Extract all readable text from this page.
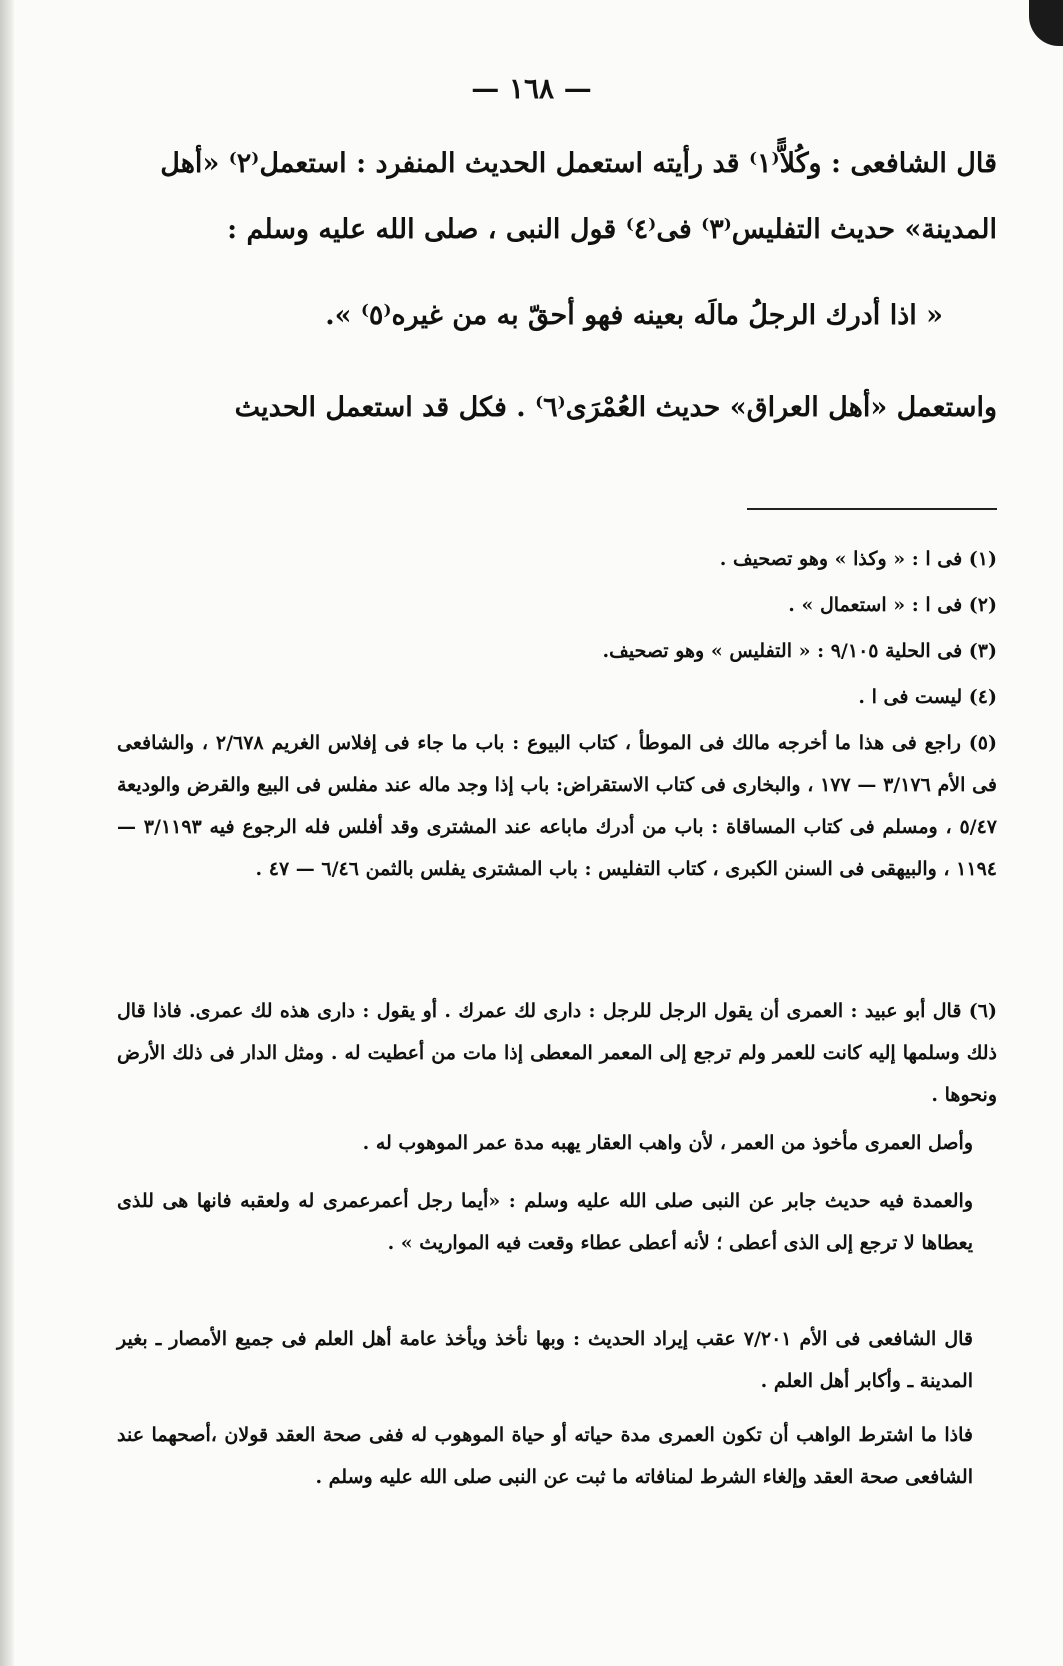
— ١٦٨ —
قال الشافعى : وكُلاًّ⁽١⁾ قد رأيته استعمل الحديث المنفرد : استعمل⁽٢⁾ «أهل
المدينة» حديث التفليس⁽٣⁾ فى⁽٤⁾ قول النبى ، صلى الله عليه وسلم :
« اذا أدرك الرجلُ مالَه بعينه فهو أحقّ به من غيره⁽٥⁾ ».
واستعمل «أهل العراق» حديث العُمْرَى⁽٦⁾ . فكل قد استعمل الحديث
(١) فى ا : « وكذا » وهو تصحيف .
(٢) فى ا : « استعمال » .
(٣) فى الحلية ٩/١٠٥ : « التفليس » وهو تصحيف.
(٤) ليست فى ا .
(٥) راجع فى هذا ما أخرجه مالك فى الموطأ ، كتاب البيوع : باب ما جاء فى إفلاس الغريم ٢/٦٧٨ ، والشافعى فى الأم ٣/١٧٦ — ١٧٧ ، والبخارى فى كتاب الاستقراض: باب إذا وجد ماله عند مفلس فى البيع والقرض والوديعة ٥/٤٧ ، ومسلم فى كتاب المساقاة : باب من أدرك ماباعه عند المشترى وقد أفلس فله الرجوع فيه ٣/١١٩٣ — ١١٩٤ ، والبيهقى فى السنن الكبرى ، كتاب التفليس : باب المشترى يفلس بالثمن ٦/٤٦ — ٤٧ .
(٦) قال أبو عبيد : العمرى أن يقول الرجل للرجل : دارى لك عمرك . أو يقول : دارى هذه لك عمرى. فاذا قال ذلك وسلمها إليه كانت للعمر ولم ترجع إلى المعمر المعطى إذا مات من أعطيت له . ومثل الدار فى ذلك الأرض ونحوها .
وأصل العمرى مأخوذ من العمر ، لأن واهب العقار يهبه مدة عمر الموهوب له .
والعمدة فيه حديث جابر عن النبى صلى الله عليه وسلم : «أيما رجل أعمرعمرى له ولعقبه فانها هى للذى يعطاها لا ترجع إلى الذى أعطى ؛ لأنه أعطى عطاء وقعت فيه المواريث » .
قال الشافعى فى الأم ٧/٢٠١ عقب إيراد الحديث : وبها نأخذ ويأخذ عامة أهل العلم فى جميع الأمصار ـ بغير المدينة ـ وأكابر أهل العلم .
فاذا ما اشترط الواهب أن تكون العمرى مدة حياته أو حياة الموهوب له ففى صحة العقد قولان ،أصحهما عند الشافعى صحة العقد وإلغاء الشرط لمنافاته ما ثبت عن النبى صلى الله عليه وسلم .
